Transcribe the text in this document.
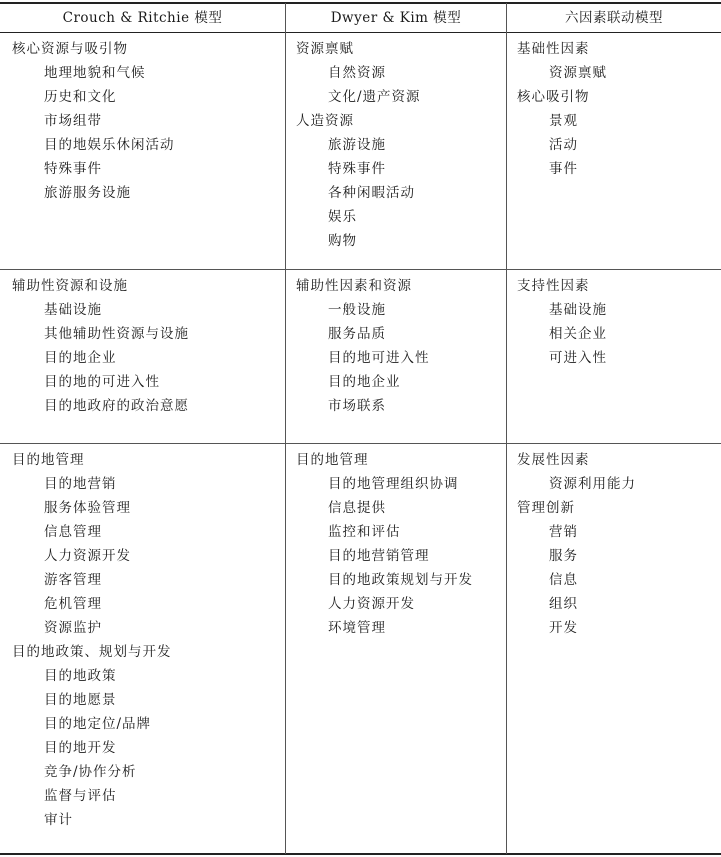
Crouch & Ritchie 模型	Dwyer & Kim 模型	六因素联动模型
核心资源与吸引物
地理地貌和气候
历史和文化
市场组带
目的地娱乐休闲活动
特殊事件
旅游服务设施
资源禀赋
自然资源
文化/遗产资源
人造资源
旅游设施
特殊事件
各种闲暇活动
娱乐
购物
基础性因素
资源禀赋
核心吸引物
景观
活动
事件
辅助性资源和设施
基础设施
其他辅助性资源与设施
目的地企业
目的地的可进入性
目的地政府的政治意愿
辅助性因素和资源
一般设施
服务品质
目的地可进入性
目的地企业
市场联系
支持性因素
基础设施
相关企业
可进入性
目的地管理
目的地营销
服务体验管理
信息管理
人力资源开发
游客管理
危机管理
资源监护
目的地政策、规划与开发
目的地政策
目的地愿景
目的地定位/品牌
目的地开发
竞争/协作分析
监督与评估
审计
目的地管理
目的地管理组织协调
信息提供
监控和评估
目的地营销管理
目的地政策规划与开发
人力资源开发
环境管理
发展性因素
资源利用能力
管理创新
营销
服务
信息
组织
开发
